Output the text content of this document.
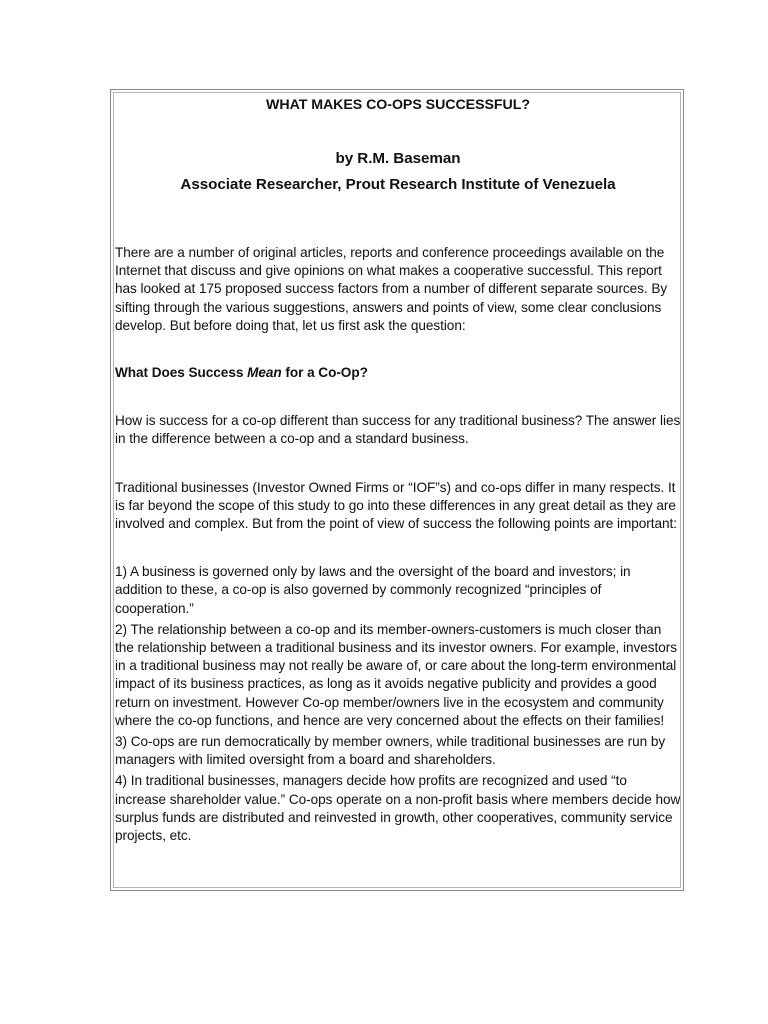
WHAT MAKES CO-OPS SUCCESSFUL?
by R.M. Baseman
Associate Researcher, Prout Research Institute of Venezuela

There are a number of original articles, reports and conference proceedings available on the Internet that discuss and give opinions on what makes a cooperative successful. This report has looked at 175 proposed success factors from a number of different separate sources. By sifting through the various suggestions, answers and points of view, some clear conclusions develop. But before doing that, let us first ask the question:

What Does Success Mean for a Co-Op?

How is success for a co-op different than success for any traditional business? The answer lies in the difference between a co-op and a standard business.

Traditional businesses (Investor Owned Firms or “IOF”s) and co-ops differ in many respects. It is far beyond the scope of this study to go into these differences in any great detail as they are involved and complex. But from the point of view of success the following points are important:

1) A business is governed only by laws and the oversight of the board and investors; in addition to these, a co-op is also governed by commonly recognized “principles of cooperation.”

2) The relationship between a co-op and its member-owners-customers is much closer than the relationship between a traditional business and its investor owners. For example, investors in a traditional business may not really be aware of, or care about the long-term environmental impact of its business practices, as long as it avoids negative publicity and provides a good return on investment. However Co-op member/owners live in the ecosystem and community where the co-op functions, and hence are very concerned about the effects on their families!

3) Co-ops are run democratically by member owners, while traditional businesses are run by managers with limited oversight from a board and shareholders.

4) In traditional businesses, managers decide how profits are recognized and used “to increase shareholder value.” Co-ops operate on a non-profit basis where members decide how surplus funds are distributed and reinvested in growth, other cooperatives, community service projects, etc.
